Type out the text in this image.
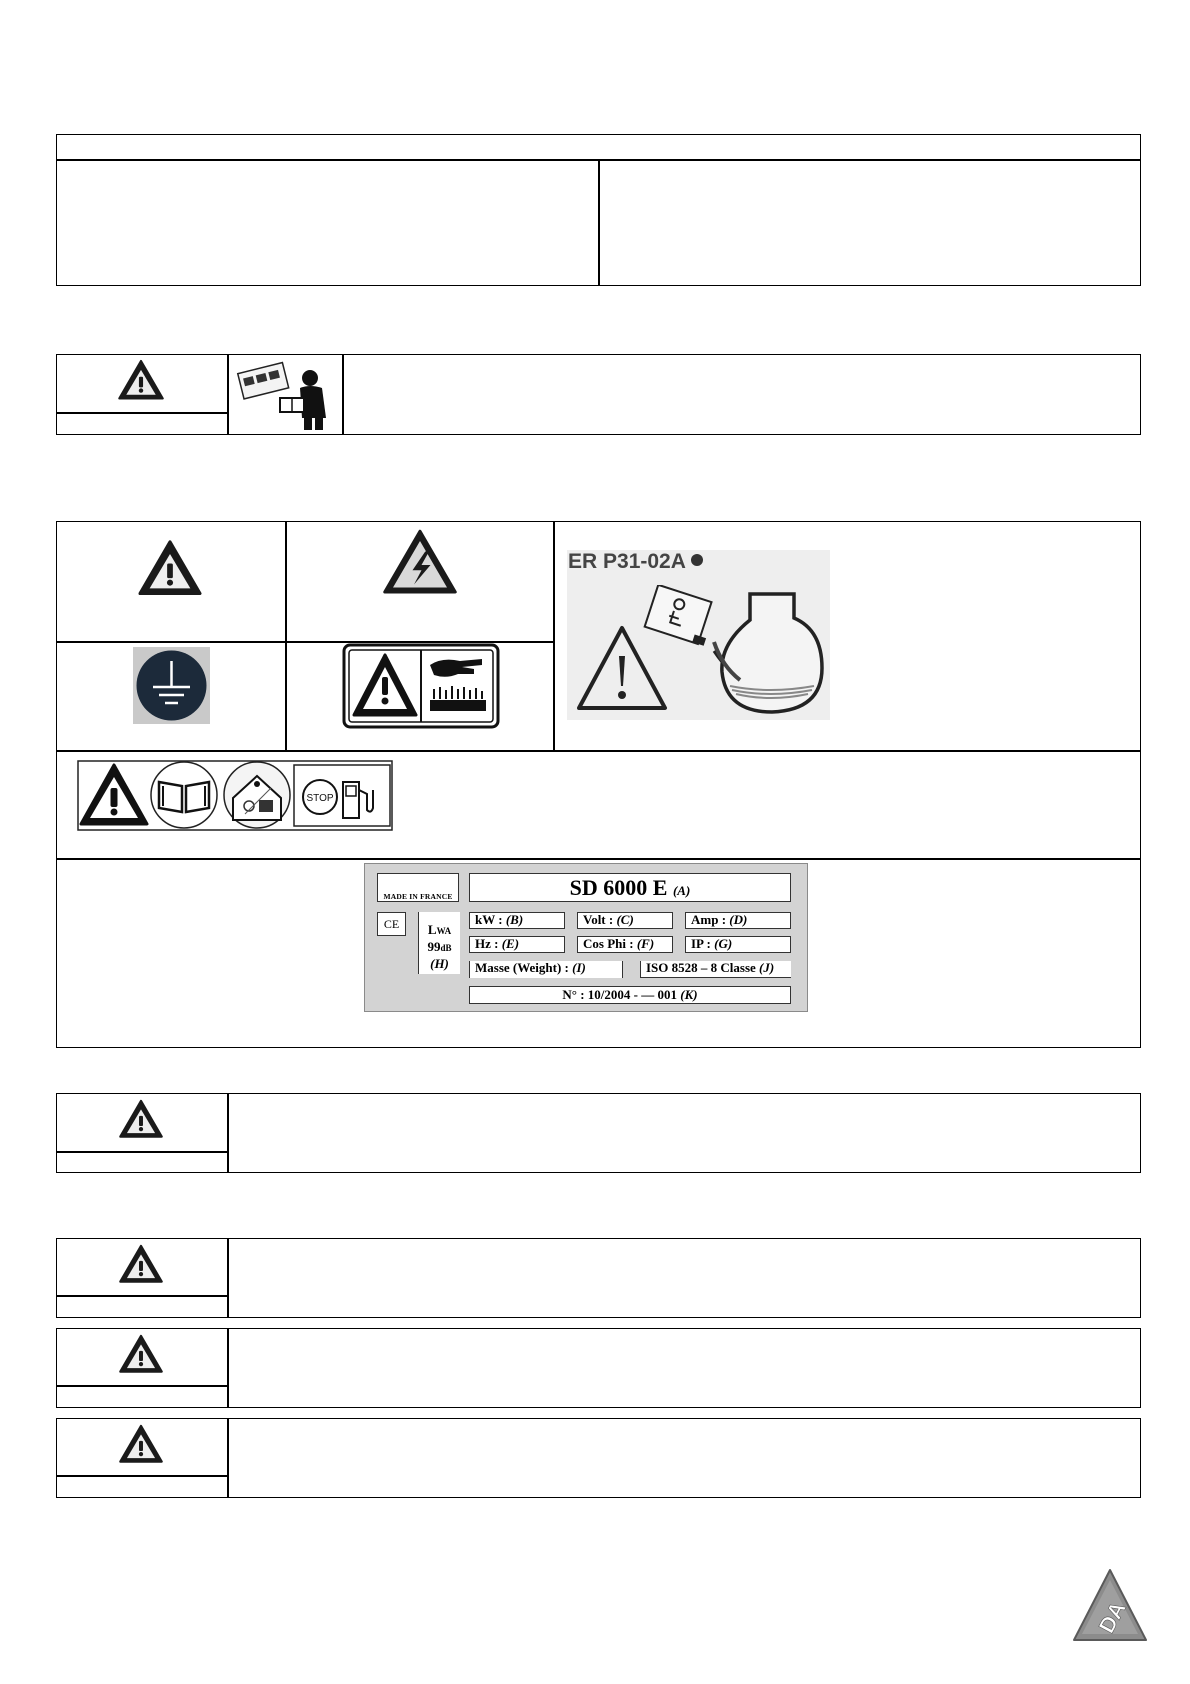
ER P31-02A
STOP
MADE IN FRANCE
CE	LWA
99dB
(H)
SD 6000 E (A)
kW : (B)	Volt : (C)	Amp : (D)
Hz : (E)	Cos Phi : (F)	IP : (G)
Masse (Weight) : (I)	ISO 8528 – 8 Classe (J)
N° : 10/2004 - — 001 (K)
DA
